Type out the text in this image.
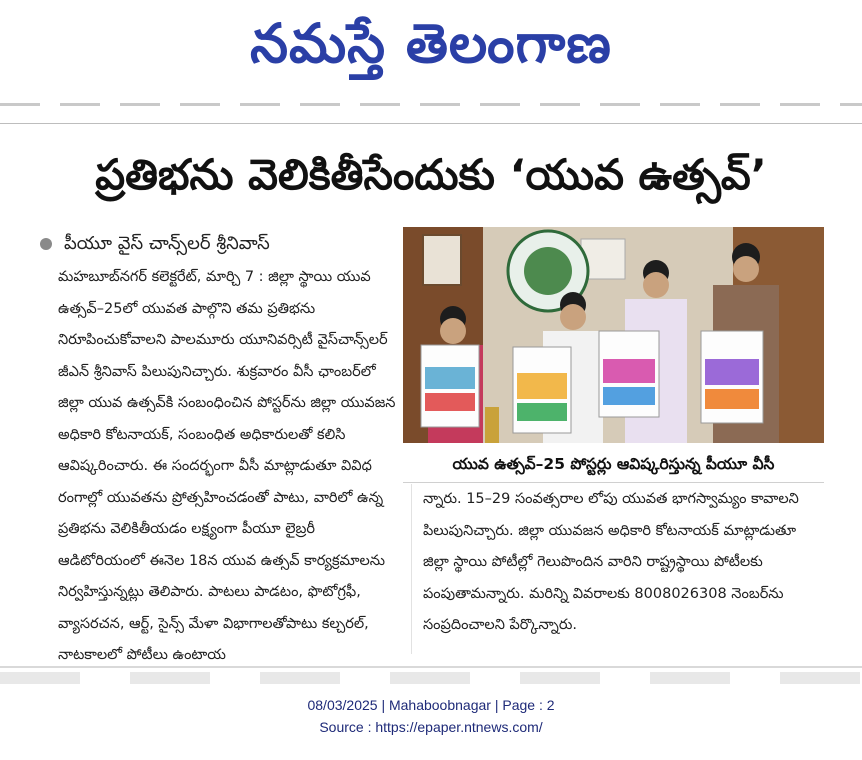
నమస్తే తెలంగాణ
ప్రతిభను వెలికితీసేందుకు ‘యువ ఉత్సవ్’
పీయూ వైస్ చాన్స్‌లర్ శ్రీనివాస్

మహబూబ్‌నగర్ కలెక్టరేట్, మార్చి 7 : జిల్లా స్థాయి యువ ఉత్సవ్–25లో యువత పాల్గొని తమ ప్రతిభను నిరూపించుకోవాలని పాలమూరు యూనివర్సిటీ వైస్‌చాన్స్‌లర్ జీఎన్ శ్రీనివాస్ పిలుపునిచ్చారు. శుక్రవారం వీసీ ఛాంబర్‌లో జిల్లా యువ ఉత్సవ్‌కి సంబంధించిన పోస్టర్‌ను జిల్లా యువజన అధికారి కోటనాయక్, సంబంధిత అధికారులతో కలిసి ఆవిష్కరించారు. ఈ సందర్భంగా వీసీ మాట్లాడుతూ వివిధ రంగాల్లో యువతను ప్రోత్సహించడంతో పాటు, వారిలో ఉన్న ప్రతిభను వెలికితీయడం లక్ష్యంగా పీయూ లైబ్రరీ ఆడిటోరియంలో ఈనెల 18న యువ ఉత్సవ్ కార్యక్రమాలను నిర్వహిస్తున్నట్లు తెలిపారు. పాటలు పాడటం, ఫొటోగ్రఫీ, వ్యాసరచన, ఆర్ట్, సైన్స్ మేళా విభాగాలతోపాటు కల్చరల్, నాటకాలలో పోటీలు ఉంటాయ

యువ ఉత్సవ్–25 పోస్టర్లు ఆవిష్కరిస్తున్న పీయూ వీసీ

న్నారు. 15–29 సంవత్సరాల లోపు యువత భాగస్వామ్యం కావాలని పిలుపునిచ్చారు. జిల్లా యువజన అధికారి కోటనాయక్ మాట్లాడుతూ జిల్లా స్థాయి పోటీల్లో గెలుపొందిన వారిని రాష్ట్రస్థాయి పోటీలకు పంపుతామన్నారు. మరిన్ని వివరాలకు 8008026308 నెంబర్‌ను సంప్రదించాలని పేర్కొన్నారు.

08/03/2025 | Mahaboobnagar | Page : 2
Source : https://epaper.ntnews.com/
